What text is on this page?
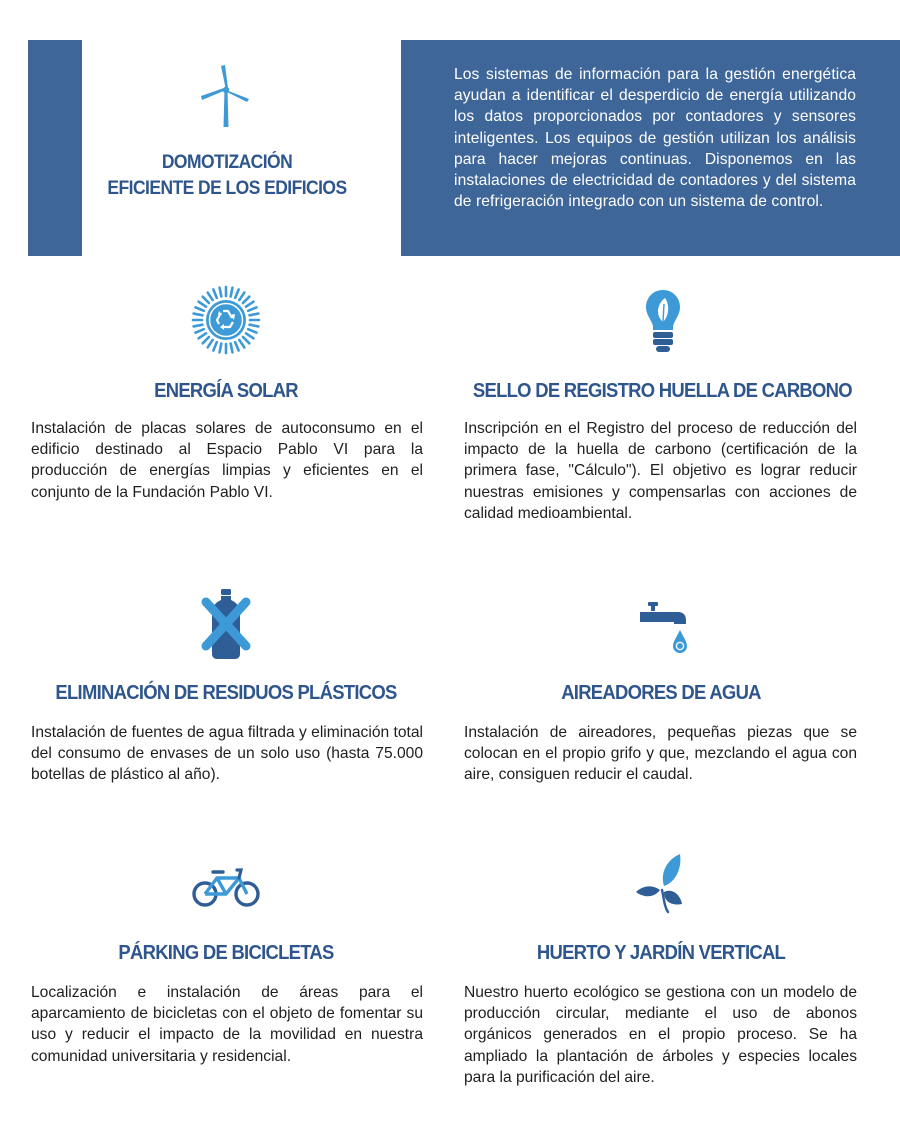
DOMOTIZACIÓN
EFICIENTE DE LOS EDIFICIOS
Los sistemas de información para la gestión energética ayudan a identificar el desperdicio de energía utilizando los datos proporcionados por contadores y sensores inteligentes. Los equipos de gestión utilizan los análisis para hacer mejoras continuas. Disponemos en las instalaciones de electricidad de contadores y del sistema de refrigeración integrado con un sistema de control.
ENERGÍA SOLAR
Instalación de placas solares de autoconsumo en el edificio destinado al Espacio Pablo VI para la producción de energías limpias y eficientes en el conjunto de la Fundación Pablo VI.
SELLO DE REGISTRO HUELLA DE CARBONO
Inscripción en el Registro del proceso de reducción del impacto de la huella de carbono (certificación de la primera fase, "Cálculo"). El objetivo es lograr reducir nuestras emisiones y compensarlas con acciones de calidad medioambiental.
ELIMINACIÓN DE RESIDUOS PLÁSTICOS
Instalación de fuentes de agua filtrada y eliminación total del consumo de envases de un solo uso (hasta 75.000 botellas de plástico al año).
AIREADORES DE AGUA
Instalación de aireadores, pequeñas piezas que se colocan en el propio grifo y que, mezclando el agua con aire, consiguen reducir el caudal.
PÁRKING DE BICICLETAS
Localización e instalación de áreas para el aparcamiento de bicicletas con el objeto de fomentar su uso y reducir el impacto de la movilidad en nuestra comunidad universitaria y residencial.
HUERTO Y JARDÍN VERTICAL
Nuestro huerto ecológico se gestiona con un modelo de producción circular, mediante el uso de abonos orgánicos generados en el propio proceso. Se ha ampliado la plantación de árboles y especies locales para la purificación del aire.
